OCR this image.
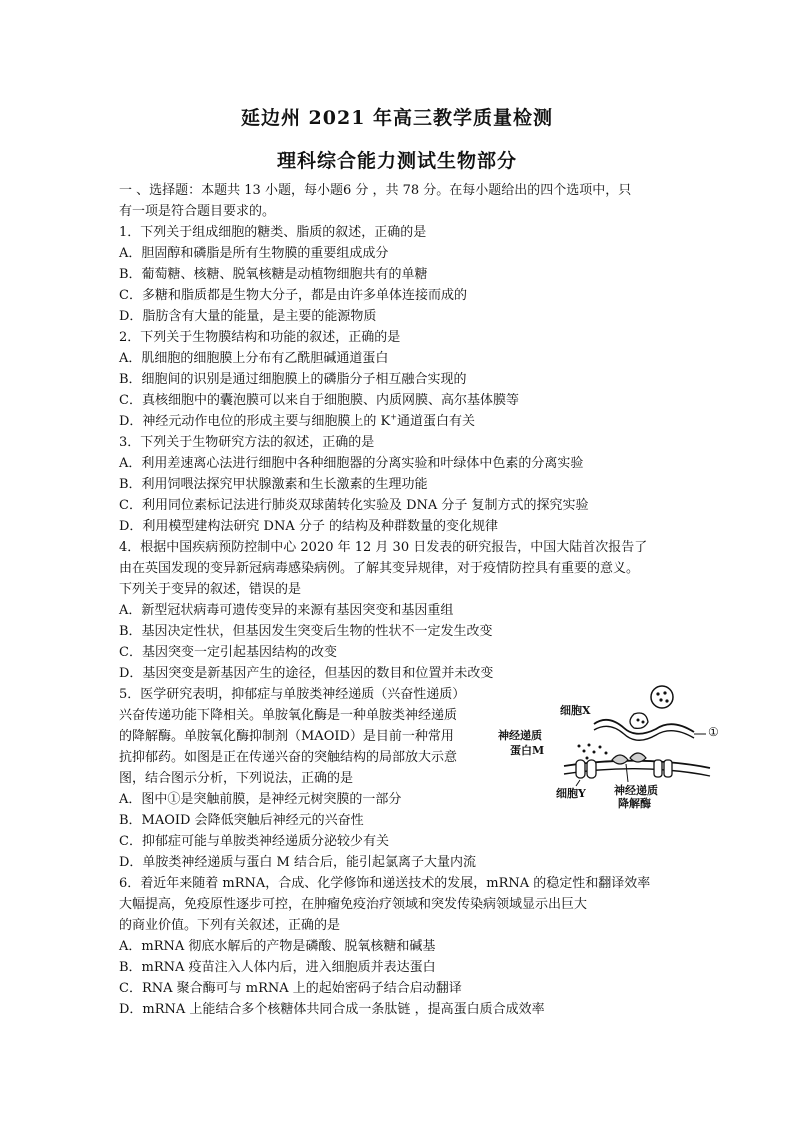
延边州 2021 年高三教学质量检测
理科综合能力测试生物部分
一 、选择题：本题共 13 小题，每小题6 分 ，共 78 分。在每小题给出的四个选项中，只
有一项是符合题目要求的。
1．下列关于组成细胞的糖类、脂质的叙述，正确的是
A．胆固醇和磷脂是所有生物膜的重要组成成分
B．葡萄糖、核糖、脱氧核糖是动植物细胞共有的单糖
C．多糖和脂质都是生物大分子，都是由许多单体连接而成的
D．脂肪含有大量的能量，是主要的能源物质
2．下列关于生物膜结构和功能的叙述，正确的是
A．肌细胞的细胞膜上分布有乙酰胆碱通道蛋白
B．细胞间的识别是通过细胞膜上的磷脂分子相互融合实现的
C．真核细胞中的囊泡膜可以来自于细胞膜、内质网膜、高尔基体膜等
D．神经元动作电位的形成主要与细胞膜上的 K+通道蛋白有关
3．下列关于生物研究方法的叙述，正确的是
A．利用差速离心法进行细胞中各种细胞器的分离实验和叶绿体中色素的分离实验
B．利用饲喂法探究甲状腺激素和生长激素的生理功能
C．利用同位素标记法进行肺炎双球菌转化实验及 DNA 分子 复制方式的探究实验
D．利用模型建构法研究 DNA 分子 的结构及种群数量的变化规律
4．根据中国疾病预防控制中心 2020 年 12 月 30 日发表的研究报告，中国大陆首次报告了
由在英国发现的变异新冠病毒感染病例。了解其变异规律，对于疫情防控具有重要的意义。
下列关于变异的叙述，错误的是
A．新型冠状病毒可遗传变异的来源有基因突变和基因重组
B．基因决定性状，但基因发生突变后生物的性状不一定发生改变
C．基因突变一定引起基因结构的改变
D．基因突变是新基因产生的途径，但基因的数目和位置并未改变
5．医学研究表明，抑郁症与单胺类神经递质（兴奋性递质）
兴奋传递功能下降相关。单胺氧化酶是一种单胺类神经递质
的降解酶。单胺氧化酶抑制剂（MAOID）是目前一种常用
抗抑郁药。如图是正在传递兴奋的突触结构的局部放大示意
图，结合图示分析，下列说法，正确的是
A．图中①是突触前膜，是神经元树突膜的一部分
B．MAOID 会降低突触后神经元的兴奋性
C．抑郁症可能与单胺类神经递质分泌较少有关
D．单胺类神经递质与蛋白 M 结合后，能引起氯离子大量内流
细胞X
神经递质
蛋白M
①
细胞Y	神经递质
降解酶
6．着近年来随着 mRNA，合成、化学修饰和递送技术的发展，mRNA 的稳定性和翻译效率
大幅提高，免疫原性逐步可控，在肿瘤免疫治疗领域和突发传染病领域显示出巨大
的商业价值。下列有关叙述，正确的是
A．mRNA 彻底水解后的产物是磷酸、脱氧核糖和碱基
B．mRNA 疫苗注入人体内后，进入细胞质并表达蛋白
C．RNA 聚合酶可与 mRNA 上的起始密码子结合启动翻译
D．mRNA 上能结合多个核糖体共同合成一条肽链 ，提高蛋白质合成效率
